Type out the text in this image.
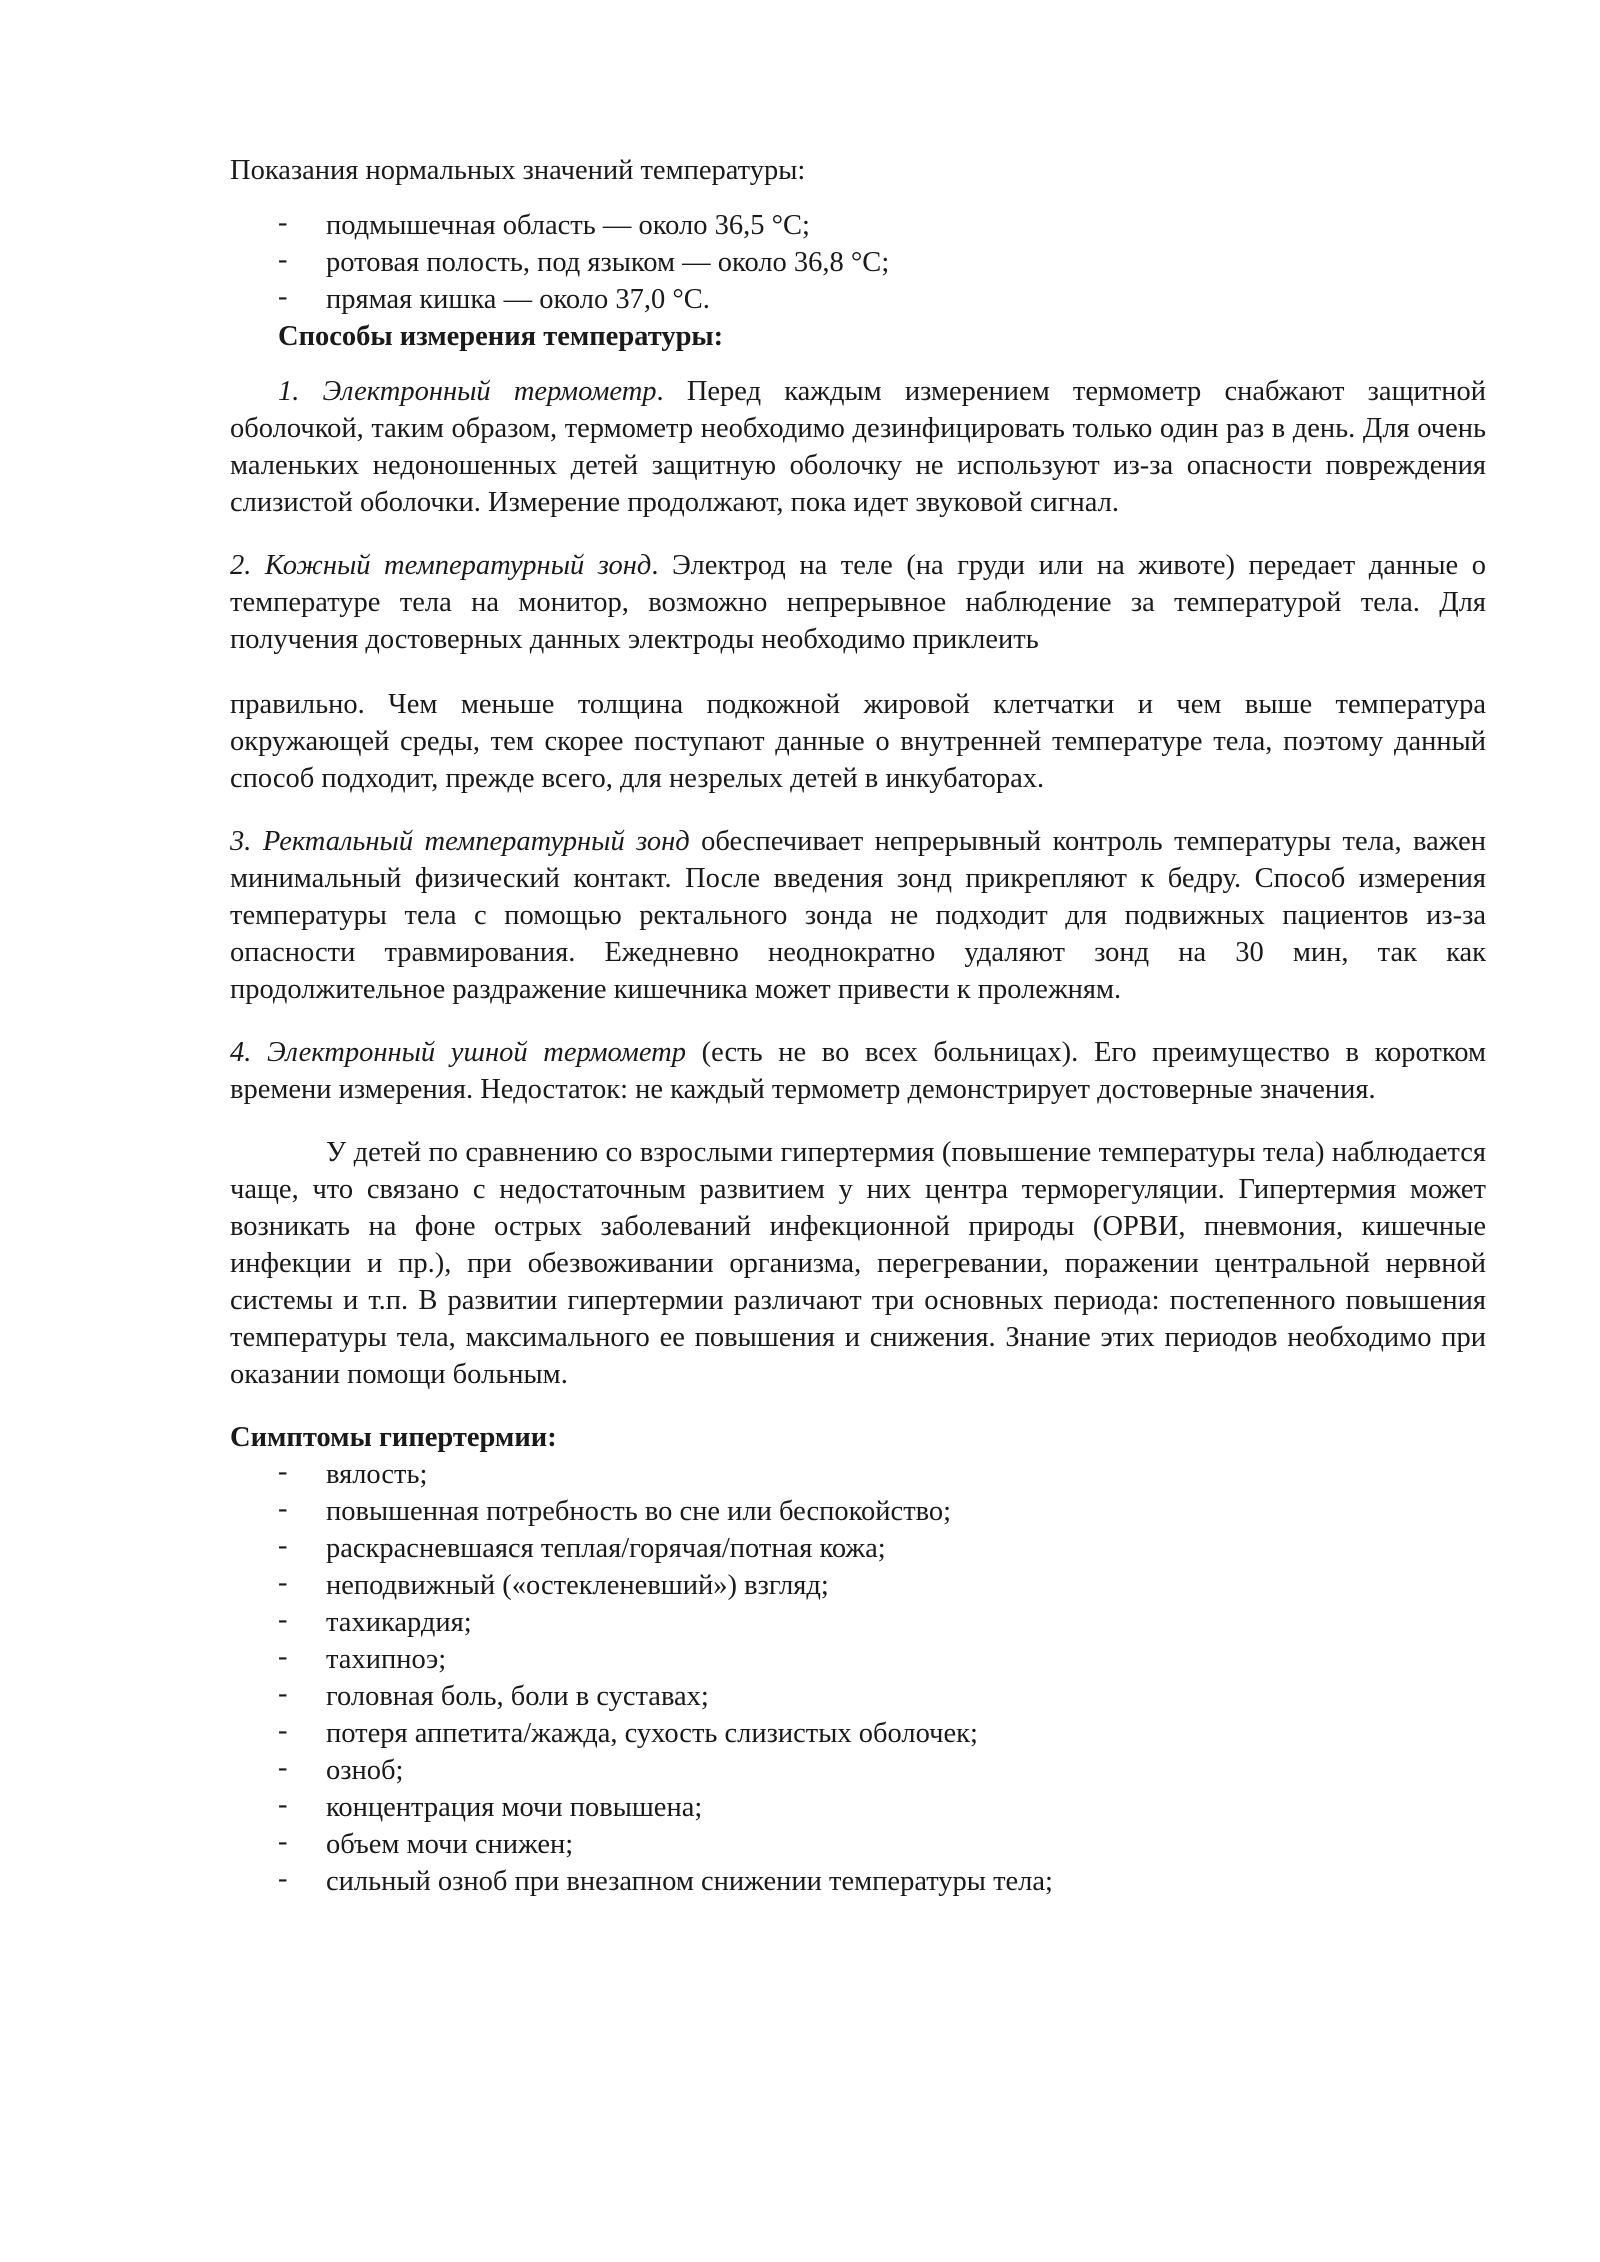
Показания нормальных значений температуры:

- подмышечная область — около 36,5 °С;
- ротовая полость, под языком — около 36,8 °С;
- прямая кишка — около 37,0 °С.

Способы измерения температуры:

1. Электронный термометр. Перед каждым измерением термометр снабжают защитной оболочкой, таким образом, термометр необходимо дезинфицировать только один раз в день. Для очень маленьких недоношенных детей защитную оболочку не используют из-за опасности повреждения слизистой оболочки. Измерение продолжают, пока идет звуковой сигнал.

2. Кожный температурный зонд. Электрод на теле (на груди или на животе) передает данные о температуре тела на монитор, возможно непрерывное наблюдение за температурой тела. Для получения достоверных данных электроды необходимо приклеить

правильно. Чем меньше толщина подкожной жировой клетчатки и чем выше температура окружающей среды, тем скорее поступают данные о внутренней температуре тела, поэтому данный способ подходит, прежде всего, для незрелых детей в инкубаторах.

3. Ректальный температурный зонд обеспечивает непрерывный контроль температуры тела, важен минимальный физический контакт. После введения зонд прикрепляют к бедру. Способ измерения температуры тела с помощью ректального зонда не подходит для подвижных пациентов из-за опасности травмирования. Ежедневно неоднократно удаляют зонд на 30 мин, так как продолжительное раздражение кишечника может привести к пролежням.

4. Электронный ушной термометр (есть не во всех больницах). Его преимущество в коротком времени измерения. Недостаток: не каждый термометр демонстрирует достоверные значения.

У детей по сравнению со взрослыми гипертермия (повышение температуры тела) наблюдается чаще, что связано с недостаточным развитием у них центра терморегуляции. Гипертермия может возникать на фоне острых заболеваний инфекционной природы (ОРВИ, пневмония, кишечные инфекции и пр.), при обезвоживании организма, перегревании, поражении центральной нервной системы и т.п. В развитии гипертермии различают три основных периода: постепенного повышения температуры тела, максимального ее повышения и снижения. Знание этих периодов необходимо при оказании помощи больным.

Симптомы гипертермии:

- вялость;
- повышенная потребность во сне или беспокойство;
- раскрасневшаяся теплая/горячая/потная кожа;
- неподвижный («остекленевший») взгляд;
- тахикардия;
- тахипноэ;
- головная боль, боли в суставах;
- потеря аппетита/жажда, сухость слизистых оболочек;
- озноб;
- концентрация мочи повышена;
- объем мочи снижен;
- сильный озноб при внезапном снижении температуры тела;
